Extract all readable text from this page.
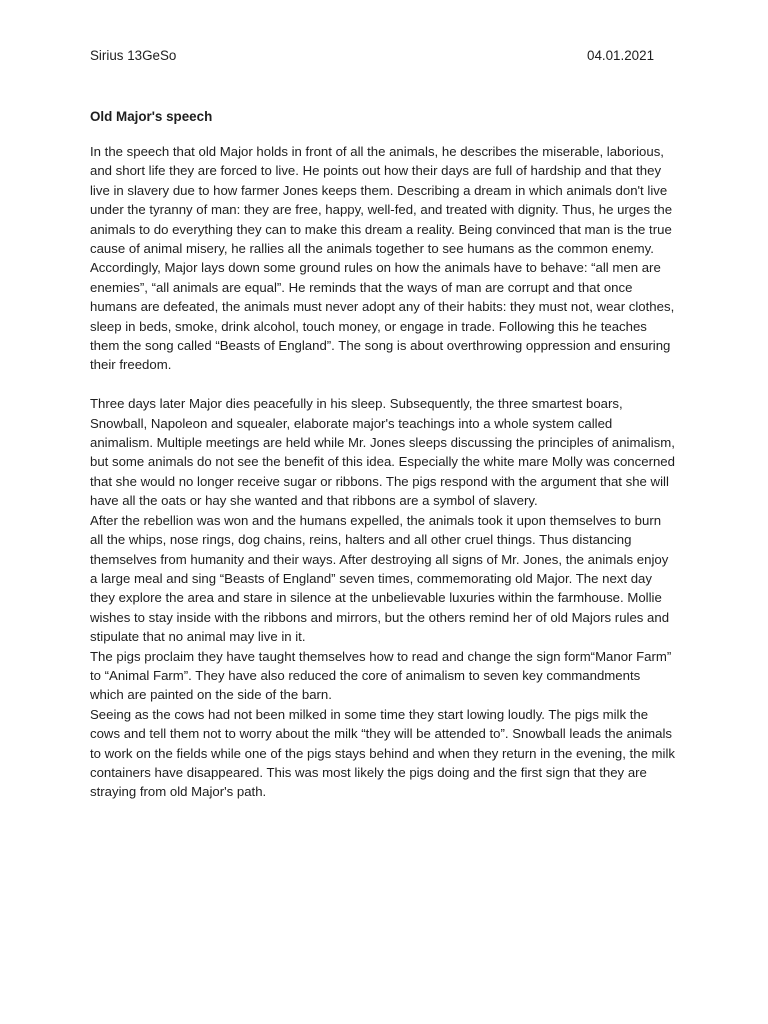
Sirius 13GeSo	04.01.2021
Old Major's speech

In the speech that old Major holds in front of all the animals, he describes the miserable, laborious, and short life they are forced to live. He points out how their days are full of hardship and that they live in slavery due to how farmer Jones keeps them. Describing a dream in which animals don't live under the tyranny of man: they are free, happy, well-fed, and treated with dignity. Thus, he urges the animals to do everything they can to make this dream a reality. Being convinced that man is the true cause of animal misery, he rallies all the animals together to see humans as the common enemy.

Accordingly, Major lays down some ground rules on how the animals have to behave: “all men are enemies”, “all animals are equal”. He reminds that the ways of man are corrupt and that once humans are defeated, the animals must never adopt any of their habits: they must not, wear clothes, sleep in beds, smoke, drink alcohol, touch money, or engage in trade. Following this he teaches them the song called “Beasts of England”. The song is about overthrowing oppression and ensuring their freedom.

Three days later Major dies peacefully in his sleep. Subsequently, the three smartest boars, Snowball, Napoleon and squealer, elaborate major's teachings into a whole system called animalism. Multiple meetings are held while Mr. Jones sleeps discussing the principles of animalism, but some animals do not see the benefit of this idea. Especially the white mare Molly was concerned that she would no longer receive sugar or ribbons. The pigs respond with the argument that she will have all the oats or hay she wanted and that ribbons are a symbol of slavery.

After the rebellion was won and the humans expelled, the animals took it upon themselves to burn all the whips, nose rings, dog chains, reins, halters and all other cruel things. Thus distancing themselves from humanity and their ways. After destroying all signs of Mr. Jones, the animals enjoy a large meal and sing “Beasts of England” seven times, commemorating old Major. The next day they explore the area and stare in silence at the unbelievable luxuries within the farmhouse. Mollie wishes to stay inside with the ribbons and mirrors, but the others remind her of old Majors rules and stipulate that no animal may live in it.

The pigs proclaim they have taught themselves how to read and change the sign form“Manor Farm” to “Animal Farm”. They have also reduced the core of animalism to seven key commandments which are painted on the side of the barn.

Seeing as the cows had not been milked in some time they start lowing loudly. The pigs milk the cows and tell them not to worry about the milk “they will be attended to”. Snowball leads the animals to work on the fields while one of the pigs stays behind and when they return in the evening, the milk containers have disappeared. This was most likely the pigs doing and the first sign that they are straying from old Major's path.
